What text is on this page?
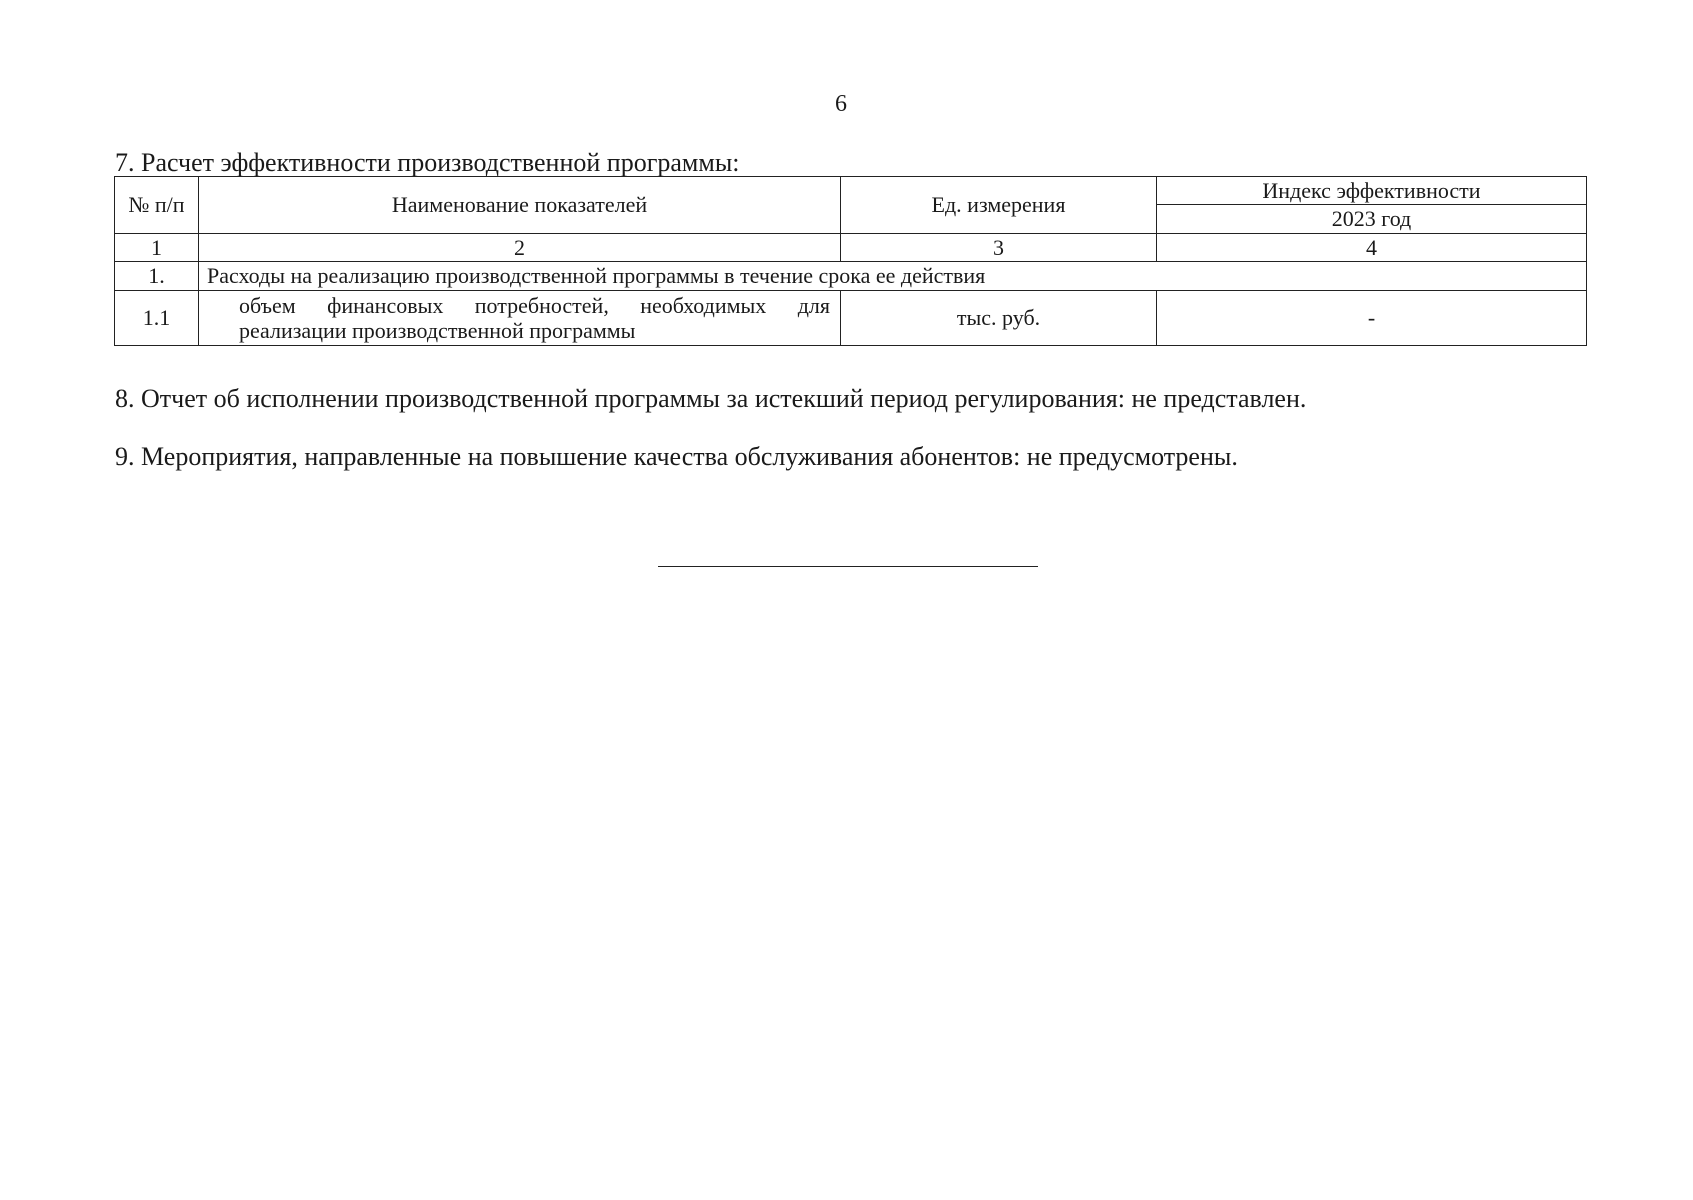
6
7. Расчет эффективности производственной программы:
№ п/п	Наименование показателей	Ед. измерения	Индекс эффективности
			2023 год
1	2	3	4
1.	Расходы на реализацию производственной программы в течение срока ее действия		
1.1	объем финансовых потребностей, необходимых для реализации производственной программы	тыс. руб.	-
8. Отчет об исполнении производственной программы за истекший период регулирования: не представлен.
9. Мероприятия, направленные на повышение качества обслуживания абонентов: не предусмотрены.
